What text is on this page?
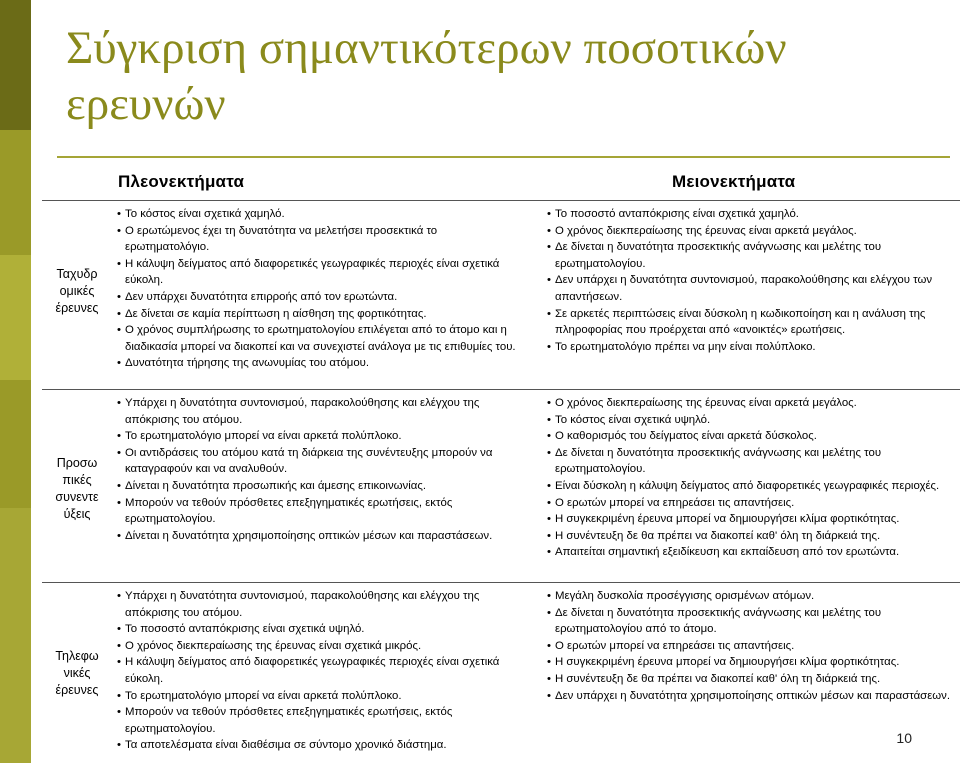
Σύγκριση σημαντικότερων ποσοτικών ερευνών
Πλεονεκτήματα	Μειονεκτήματα
Ταχυδρ ομικές έρευνες
• Το κόστος είναι σχετικά χαμηλό.
• Ο ερωτώμενος έχει τη δυνατότητα να μελετήσει προσεκτικά το ερωτηματολόγιο.
• Η κάλυψη δείγματος από διαφορετικές γεωγραφικές περιοχές είναι σχετικά εύκολη.
• Δεν υπάρχει δυνατότητα επιρροής από τον ερωτώντα.
• Δε δίνεται σε καμία περίπτωση η αίσθηση της φορτικότητας.
• Ο χρόνος συμπλήρωσης το ερωτηματολογίου επιλέγεται από το άτομο και η διαδικασία μπορεί να διακοπεί και να συνεχιστεί ανάλογα με τις επιθυμίες του.
• Δυνατότητα τήρησης της ανωνυμίας του ατόμου.
• Το ποσοστό ανταπόκρισης είναι σχετικά χαμηλό.
• Ο χρόνος διεκπεραίωσης της έρευνας είναι αρκετά μεγάλος.
• Δε δίνεται η δυνατότητα προσεκτικής ανάγνωσης και μελέτης του ερωτηματολογίου.
• Δεν υπάρχει η δυνατότητα συντονισμού, παρακολούθησης και ελέγχου των απαντήσεων.
• Σε αρκετές περιπτώσεις είναι δύσκολη η κωδικοποίηση και η ανάλυση της πληροφορίας που προέρχεται από «ανοικτές» ερωτήσεις.
• Το ερωτηματολόγιο πρέπει να μην είναι πολύπλοκο.
Προσω πικές συνεντε ύξεις
• Υπάρχει η δυνατότητα συντονισμού, παρακολούθησης και ελέγχου της απόκρισης του ατόμου.
• Το ερωτηματολόγιο μπορεί να είναι αρκετά πολύπλοκο.
• Οι αντιδράσεις του ατόμου κατά τη διάρκεια της συνέντευξης μπορούν να καταγραφούν και να αναλυθούν.
• Δίνεται η δυνατότητα προσωπικής και άμεσης επικοινωνίας.
• Μπορούν να τεθούν πρόσθετες επεξηγηματικές ερωτήσεις, εκτός ερωτηματολογίου.
• Δίνεται η δυνατότητα χρησιμοποίησης οπτικών μέσων και παραστάσεων.
• Ο χρόνος διεκπεραίωσης της έρευνας είναι αρκετά μεγάλος.
• Το κόστος είναι σχετικά υψηλό.
• Ο καθορισμός του δείγματος είναι αρκετά δύσκολος.
• Δε δίνεται η δυνατότητα προσεκτικής ανάγνωσης και μελέτης του ερωτηματολογίου.
• Είναι δύσκολη η κάλυψη δείγματος από διαφορετικές γεωγραφικές περιοχές.
• Ο ερωτών μπορεί να επηρεάσει τις απαντήσεις.
• Η συγκεκριμένη έρευνα μπορεί να δημιουργήσει κλίμα φορτικότητας.
• Η συνέντευξη δε θα πρέπει να διακοπεί καθ' όλη τη διάρκειά της.
• Απαιτείται σημαντική εξειδίκευση και εκπαίδευση από τον ερωτώντα.
Τηλεφω νικές έρευνες
• Υπάρχει η δυνατότητα συντονισμού, παρακολούθησης και ελέγχου της απόκρισης του ατόμου.
• Το ποσοστό ανταπόκρισης είναι σχετικά υψηλό.
• Ο χρόνος διεκπεραίωσης της έρευνας είναι σχετικά μικρός.
• Η κάλυψη δείγματος από διαφορετικές γεωγραφικές περιοχές είναι σχετικά εύκολη.
• Το ερωτηματολόγιο μπορεί να είναι αρκετά πολύπλοκο.
• Μπορούν να τεθούν πρόσθετες επεξηγηματικές ερωτήσεις, εκτός ερωτηματολογίου.
• Τα αποτελέσματα είναι διαθέσιμα σε σύντομο χρονικό διάστημα.
• Μεγάλη δυσκολία προσέγγισης ορισμένων ατόμων.
• Δε δίνεται η δυνατότητα προσεκτικής ανάγνωσης και μελέτης του ερωτηματολογίου από το άτομο.
• Ο ερωτών μπορεί να επηρεάσει τις απαντήσεις.
• Η συγκεκριμένη έρευνα μπορεί να δημιουργήσει κλίμα φορτικότητας.
• Η συνέντευξη δε θα πρέπει να διακοπεί καθ' όλη τη διάρκειά της.
• Δεν υπάρχει η δυνατότητα χρησιμοποίησης οπτικών μέσων και παραστάσεων.
10
